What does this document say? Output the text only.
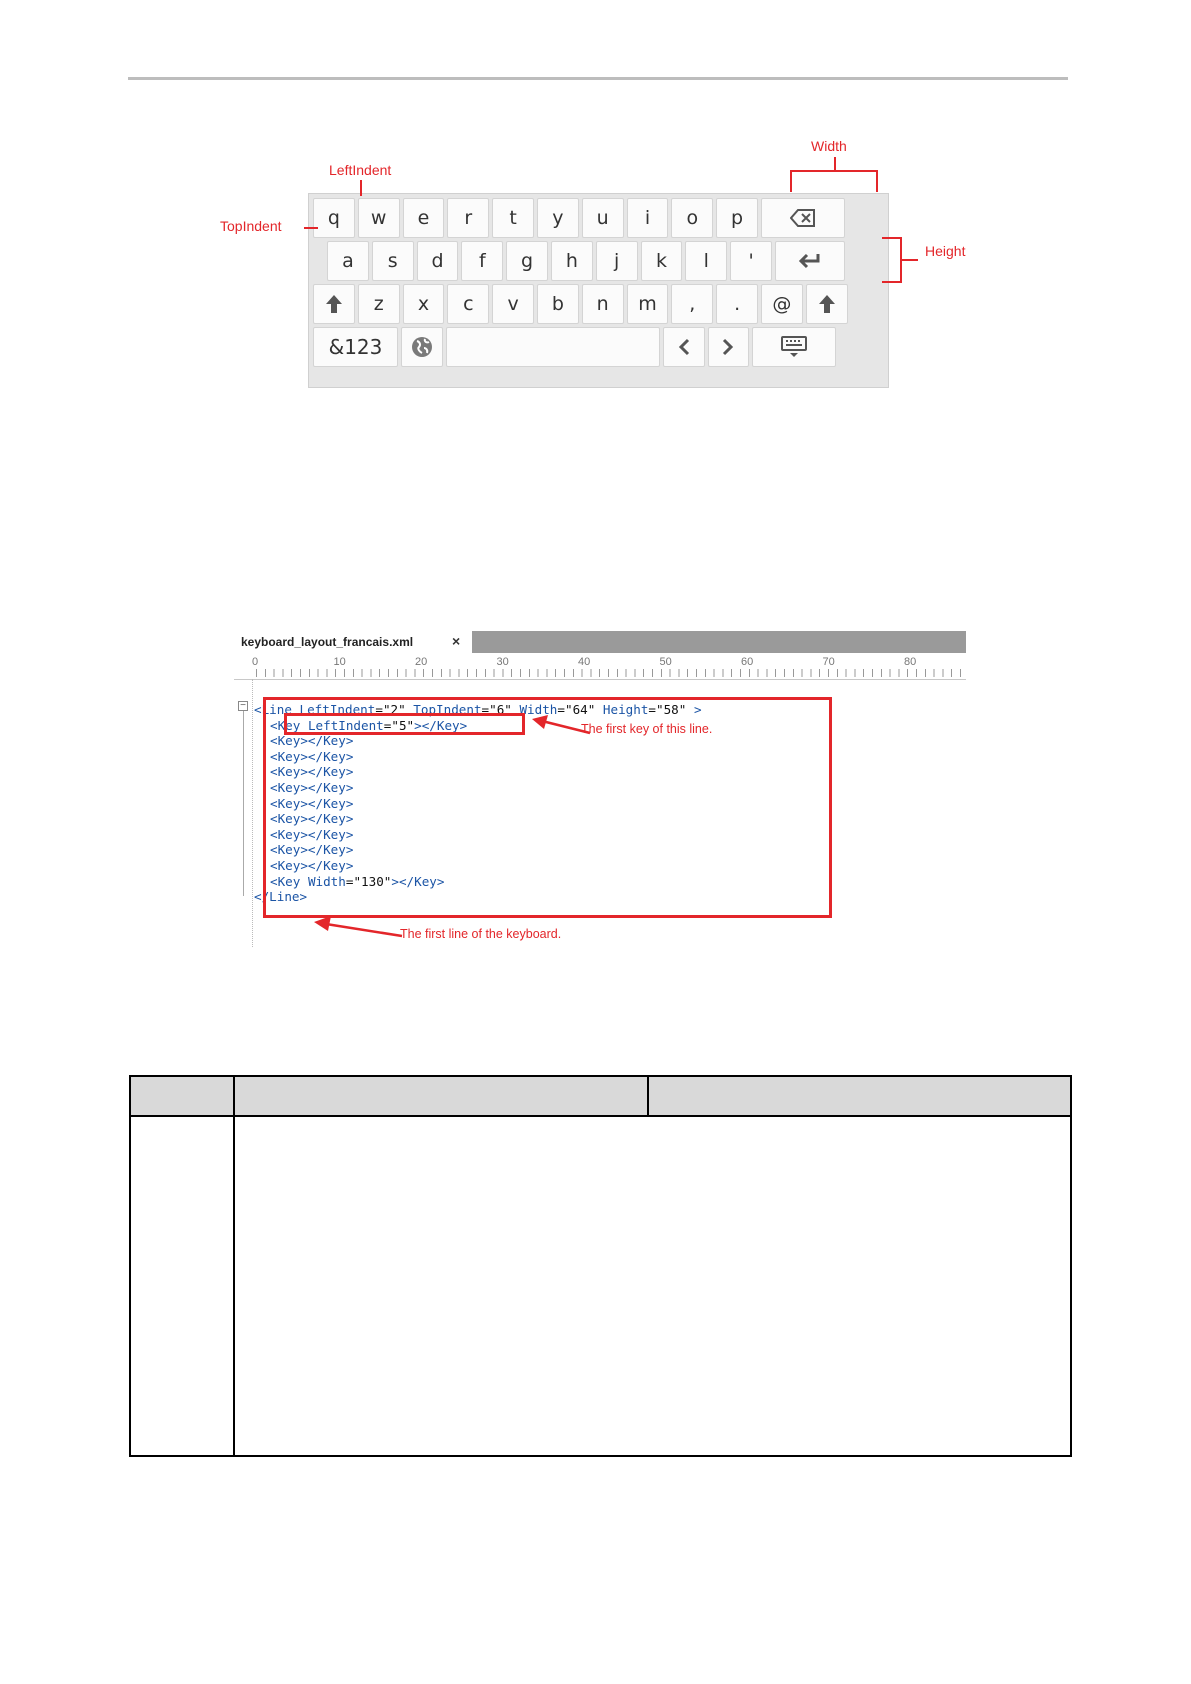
q	w	e	r	t	y	u	i	o	p
a	s	d	f	g	h	j	k	l	'
z	x	c	v	b	n	m	,	.	@
&123
LeftIndent
TopIndent
Width
Height
keyboard_layout_francais.xml	×
0	10	20	30	40	50	60	70	80
− <Line LeftIndent="2" TopIndent="6" Width="64" Height="58" >
<Key LeftIndent="5"></Key>
<Key></Key>
<Key></Key>
<Key></Key>
<Key></Key>
<Key></Key>
<Key></Key>
<Key></Key>
<Key></Key>
<Key></Key>
<Key Width="130"></Key>
</Line>
The first key of this line.
The first line of the keyboard.
